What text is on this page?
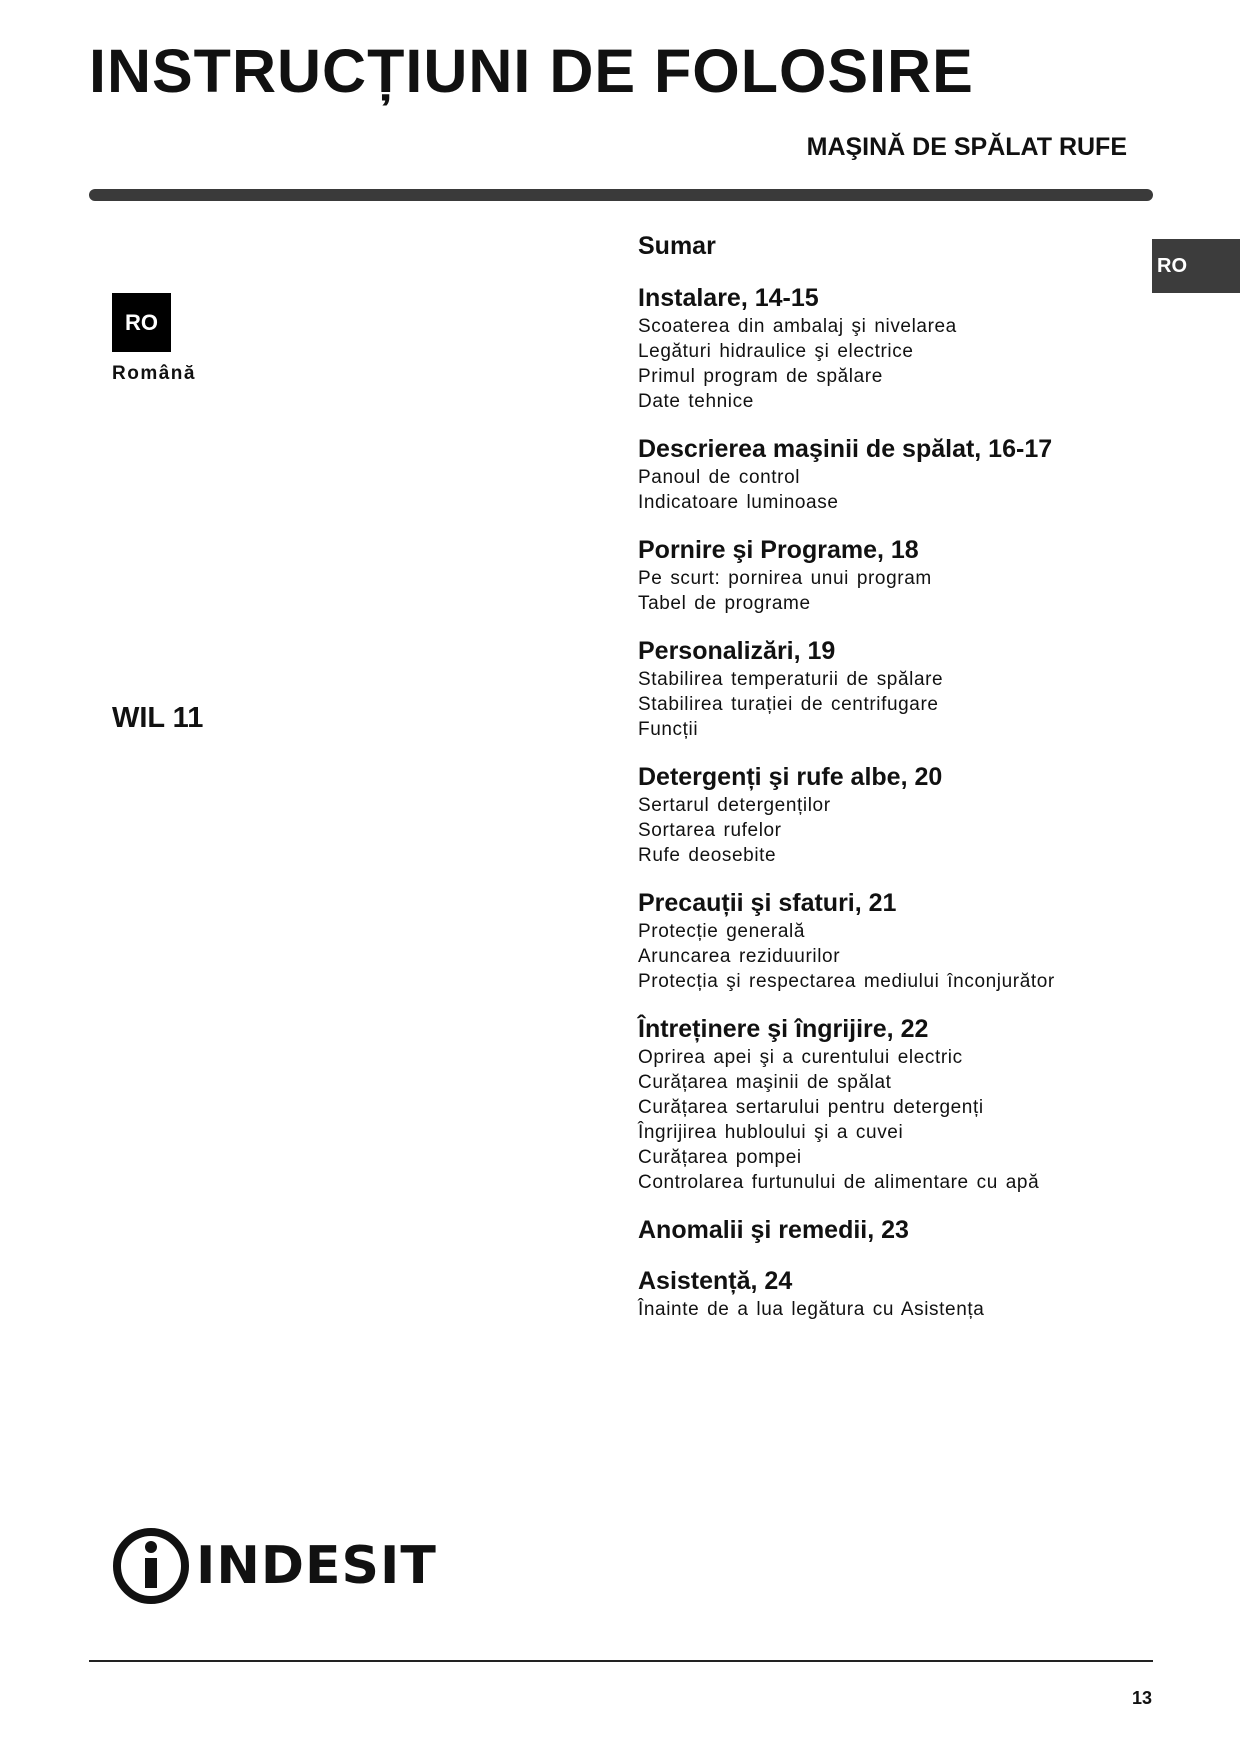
INSTRUCȚIUNI DE FOLOSIRE
MAŞINĂ DE SPĂLAT RUFE
RO
RO
Română
WIL 11
Sumar
Instalare, 14-15
Scoaterea din ambalaj şi nivelarea
Legături hidraulice şi electrice
Primul program de spălare
Date tehnice
Descrierea maşinii de spălat, 16-17
Panoul de control
Indicatoare luminoase
Pornire şi Programe, 18
Pe scurt: pornirea unui program
Tabel de programe
Personalizări, 19
Stabilirea temperaturii de spălare
Stabilirea turației de centrifugare
Funcții
Detergenți şi rufe albe, 20
Sertarul detergenților
Sortarea rufelor
Rufe deosebite
Precauții şi sfaturi, 21
Protecție generală
Aruncarea reziduurilor
Protecția şi respectarea mediului înconjurător
Întreținere şi îngrijire, 22
Oprirea apei şi a curentului electric
Curățarea maşinii de spălat
Curățarea sertarului pentru detergenți
Îngrijirea hubloului şi a cuvei
Curățarea pompei
Controlarea furtunului de alimentare cu apă
Anomalii şi remedii, 23
Asistență, 24
Înainte de a lua legătura cu Asistența
INDESIT
13
